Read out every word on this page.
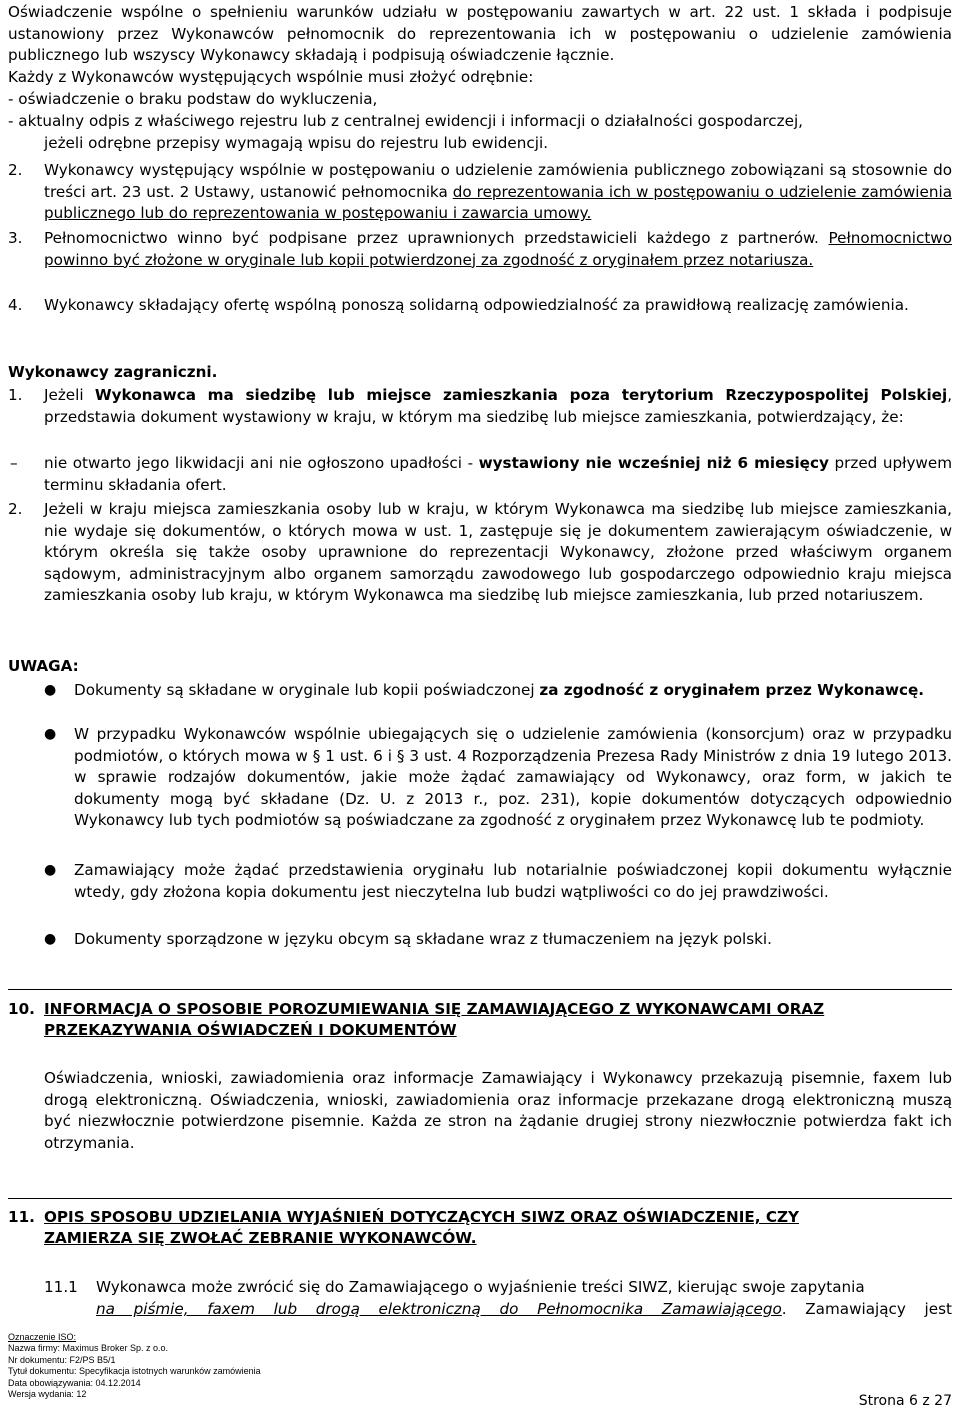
Oświadczenie wspólne o spełnieniu warunków udziału w postępowaniu zawartych w art. 22 ust. 1 składa i podpisuje ustanowiony przez Wykonawców pełnomocnik do reprezentowania ich w postępowaniu o udzielenie zamówienia publicznego lub wszyscy Wykonawcy składają i podpisują oświadczenie łącznie.
Każdy z Wykonawców występujących wspólnie musi złożyć odrębnie:
- oświadczenie o braku podstaw do wykluczenia,
- aktualny odpis z właściwego rejestru lub z centralnej ewidencji i informacji o działalności gospodarczej,
jeżeli odrębne przepisy wymagają wpisu do rejestru lub ewidencji.
2. Wykonawcy występujący wspólnie w postępowaniu o udzielenie zamówienia publicznego zobowiązani są stosownie do treści art. 23 ust. 2 Ustawy, ustanowić pełnomocnika do reprezentowania ich w postępowaniu o udzielenie zamówienia publicznego lub do reprezentowania w postępowaniu i zawarcia umowy.
3. Pełnomocnictwo winno być podpisane przez uprawnionych przedstawicieli każdego z partnerów. Pełnomocnictwo powinno być złożone w oryginale lub kopii potwierdzonej za zgodność z oryginałem przez notariusza.
4. Wykonawcy składający ofertę wspólną ponoszą solidarną odpowiedzialność za prawidłową realizację zamówienia.
Wykonawcy zagraniczni.
1. Jeżeli Wykonawca ma siedzibę lub miejsce zamieszkania poza terytorium Rzeczypospolitej Polskiej, przedstawia dokument wystawiony w kraju, w którym ma siedzibę lub miejsce zamieszkania, potwierdzający, że:
– nie otwarto jego likwidacji ani nie ogłoszono upadłości - wystawiony nie wcześniej niż 6 miesięcy przed upływem terminu składania ofert.
2. Jeżeli w kraju miejsca zamieszkania osoby lub w kraju, w którym Wykonawca ma siedzibę lub miejsce zamieszkania, nie wydaje się dokumentów, o których mowa w ust. 1, zastępuje się je dokumentem zawierającym oświadczenie, w którym określa się także osoby uprawnione do reprezentacji Wykonawcy, złożone przed właściwym organem sądowym, administracyjnym albo organem samorządu zawodowego lub gospodarczego odpowiednio kraju miejsca zamieszkania osoby lub kraju, w którym Wykonawca ma siedzibę lub miejsce zamieszkania, lub przed notariuszem.
UWAGA:
● Dokumenty są składane w oryginale lub kopii poświadczonej za zgodność z oryginałem przez Wykonawcę.
● W przypadku Wykonawców wspólnie ubiegających się o udzielenie zamówienia (konsorcjum) oraz w przypadku podmiotów, o których mowa w § 1 ust. 6 i § 3 ust. 4 Rozporządzenia Prezesa Rady Ministrów z dnia 19 lutego 2013. w sprawie rodzajów dokumentów, jakie może żądać zamawiający od Wykonawcy, oraz form, w jakich te dokumenty mogą być składane (Dz. U. z 2013 r., poz. 231), kopie dokumentów dotyczących odpowiednio Wykonawcy lub tych podmiotów są poświadczane za zgodność z oryginałem przez Wykonawcę lub te podmioty.
● Zamawiający może żądać przedstawienia oryginału lub notarialnie poświadczonej kopii dokumentu wyłącznie wtedy, gdy złożona kopia dokumentu jest nieczytelna lub budzi wątpliwości co do jej prawdziwości.
● Dokumenty sporządzone w języku obcym są składane wraz z tłumaczeniem na język polski.
10. INFORMACJA O SPOSOBIE POROZUMIEWANIA SIĘ ZAMAWIAJĄCEGO Z WYKONAWCAMI ORAZ
PRZEKAZYWANIA OŚWIADCZEŃ I DOKUMENTÓW
Oświadczenia, wnioski, zawiadomienia oraz informacje Zamawiający i Wykonawcy przekazują pisemnie, faxem lub drogą elektroniczną. Oświadczenia, wnioski, zawiadomienia oraz informacje przekazane drogą elektroniczną muszą być niezwłocznie potwierdzone pisemnie. Każda ze stron na żądanie drugiej strony niezwłocznie potwierdza fakt ich otrzymania.
11. OPIS SPOSOBU UDZIELANIA WYJAŚNIEŃ DOTYCZĄCYCH SIWZ ORAZ OŚWIADCZENIE, CZY
ZAMIERZA SIĘ ZWOŁAĆ ZEBRANIE WYKONAWCÓW.
11.1 Wykonawca może zwrócić się do Zamawiającego o wyjaśnienie treści SIWZ, kierując swoje zapytania
na piśmie, faxem lub drogą elektroniczną do Pełnomocnika Zamawiającego. Zamawiający jest
Oznaczenie ISO:
Nazwa firmy: Maximus Broker Sp. z o.o.
Nr dokumentu: F2/PS B5/1
Tytuł dokumentu: Specyfikacja istotnych warunków zamówienia
Data obowiązywania: 04.12.2014
Wersja wydania: 12	Strona 6 z 27
